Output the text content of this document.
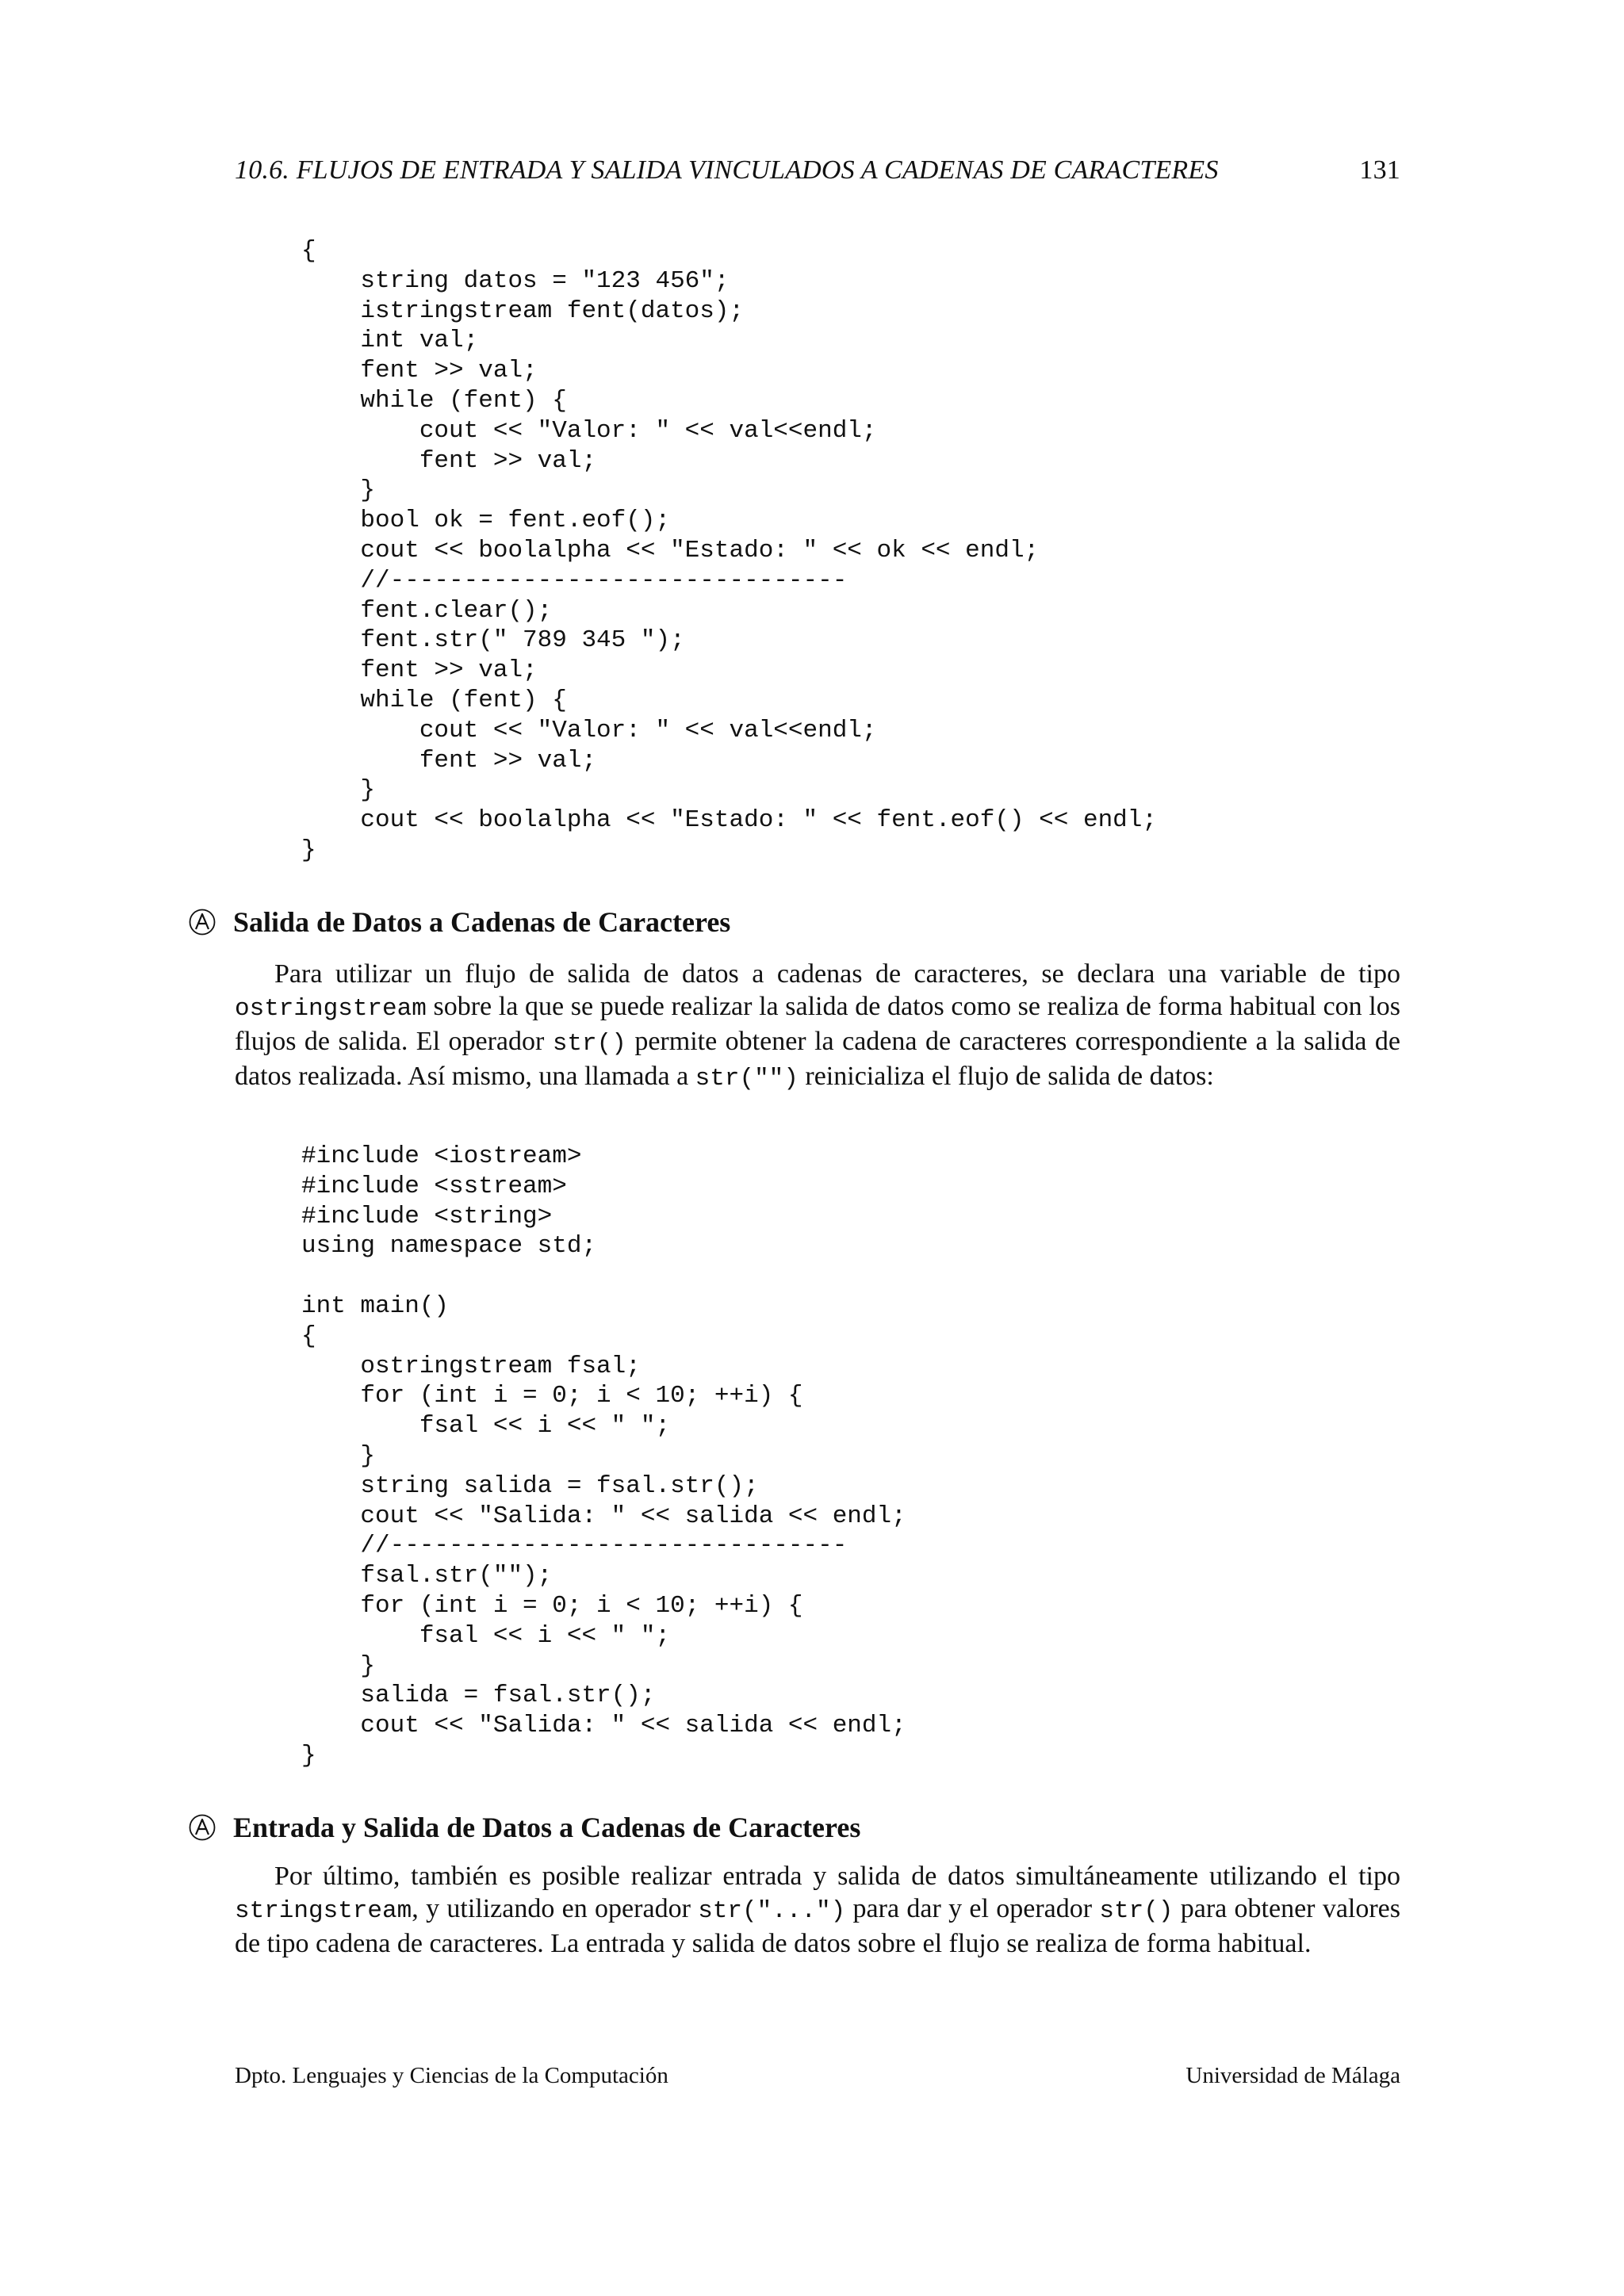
10.6. FLUJOS DE ENTRADA Y SALIDA VINCULADOS A CADENAS DE CARACTERES	131
{
string datos = "123 456";
istringstream fent(datos);
int val;
fent >> val;
while (fent) {
cout << "Valor: " << val<<endl;
fent >> val;
}
bool ok = fent.eof();
cout << boolalpha << "Estado: " << ok << endl;
//-------------------------------
fent.clear();
fent.str(" 789 345 ");
fent >> val;
while (fent) {
cout << "Valor: " << val<<endl;
fent >> val;
}
cout << boolalpha << "Estado: " << fent.eof() << endl;
}
Salida de Datos a Cadenas de Caracteres
Para utilizar un flujo de salida de datos a cadenas de caracteres, se declara una variable de tipo ostringstream sobre la que se puede realizar la salida de datos como se realiza de forma habitual con los flujos de salida. El operador str() permite obtener la cadena de caracteres correspondiente a la salida de datos realizada. Así mismo, una llamada a str("") reinicializa el flujo de salida de datos:
#include <iostream>
#include <sstream>
#include <string>
using namespace std;

int main()
{
ostringstream fsal;
for (int i = 0; i < 10; ++i) {
fsal << i << " ";
}
string salida = fsal.str();
cout << "Salida: " << salida << endl;
//-------------------------------
fsal.str("");
for (int i = 0; i < 10; ++i) {
fsal << i << " ";
}
salida = fsal.str();
cout << "Salida: " << salida << endl;
}
Entrada y Salida de Datos a Cadenas de Caracteres
Por último, también es posible realizar entrada y salida de datos simultáneamente utilizando el tipo stringstream, y utilizando en operador str("...") para dar y el operador str() para obtener valores de tipo cadena de caracteres. La entrada y salida de datos sobre el flujo se realiza de forma habitual.
Dpto. Lenguajes y Ciencias de la Computación	Universidad de Málaga
